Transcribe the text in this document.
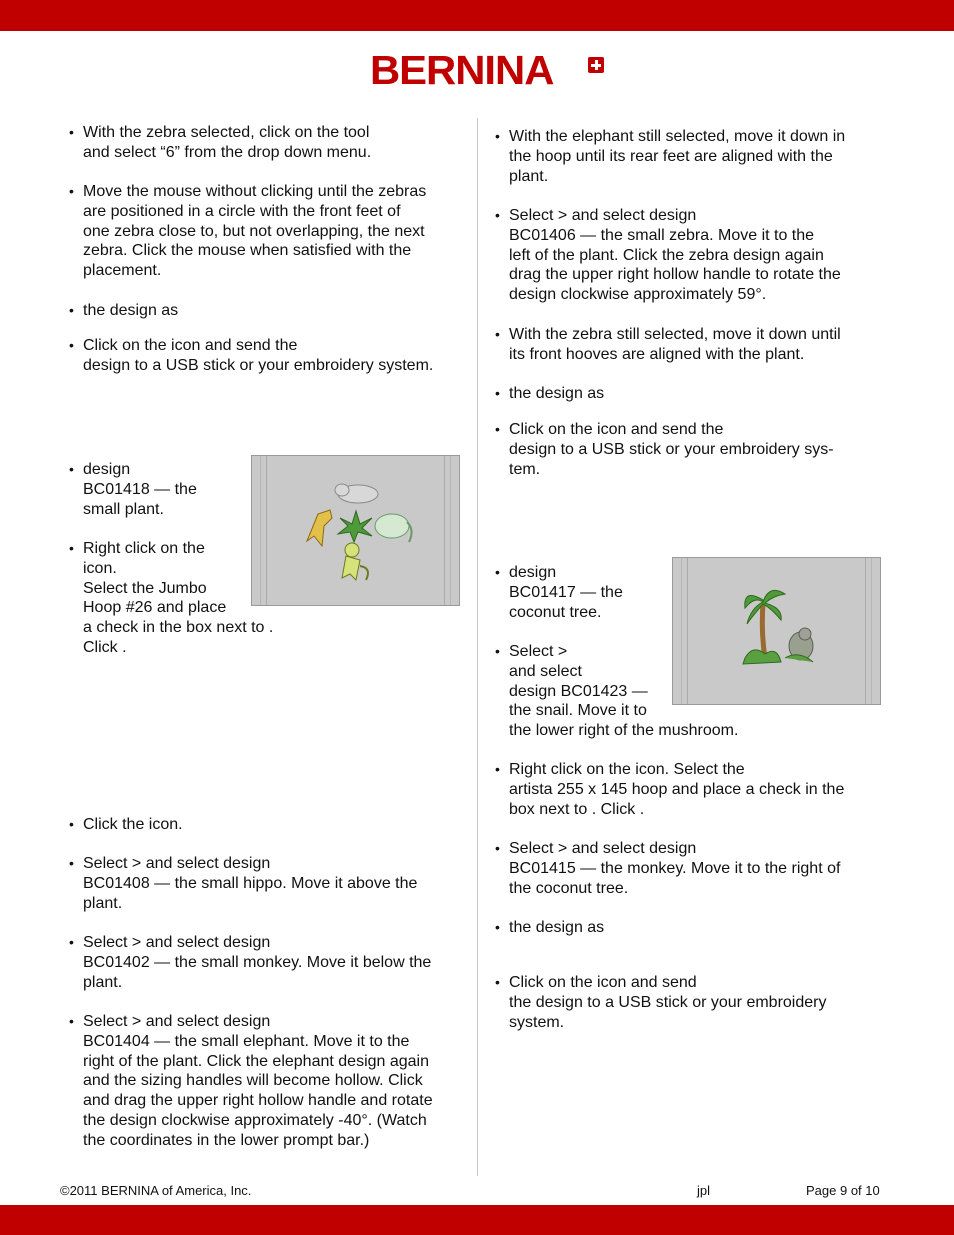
BERNINA
• With the zebra selected, click on the tool
and select “6” from the drop down menu.
• Move the mouse without clicking until the zebras
are positioned in a circle with the front feet of
one zebra close to, but not overlapping, the next
zebra. Click the mouse when satisfied with the
placement.
• the design as
• Click on the icon and send the
design to a USB stick or your embroidery system.
• design
BC01418 — the
small plant.
• Right click on the
icon.
Select the Jumbo
Hoop #26 and place
a check in the box next to .
Click .
• Click the icon.
• Select > and select design
BC01408 — the small hippo. Move it above the
plant.
• Select > and select design
BC01402 — the small monkey. Move it below the
plant.
• Select > and select design
BC01404 — the small elephant. Move it to the
right of the plant. Click the elephant design again
and the sizing handles will become hollow. Click
and drag the upper right hollow handle and rotate
the design clockwise approximately -40°. (Watch
the coordinates in the lower prompt bar.)
• With the elephant still selected, move it down in
the hoop until its rear feet are aligned with the
plant.
• Select > and select design
BC01406 — the small zebra. Move it to the
left of the plant. Click the zebra design again
drag the upper right hollow handle to rotate the
design clockwise approximately 59°.
• With the zebra still selected, move it down until
its front hooves are aligned with the plant.
• the design as
• Click on the icon and send the
design to a USB stick or your embroidery sys-
tem.
• design
BC01417 — the
coconut tree.
• Select >
and select
design BC01423 —
the snail. Move it to
the lower right of the mushroom.
• Right click on the icon. Select the
artista 255 x 145 hoop and place a check in the
box next to . Click .
• Select > and select design
BC01415 — the monkey. Move it to the right of
the coconut tree.
• the design as
• Click on the icon and send
the design to a USB stick or your embroidery
system.
©2011 BERNINA of America, Inc.	jpl	Page 9 of 10
